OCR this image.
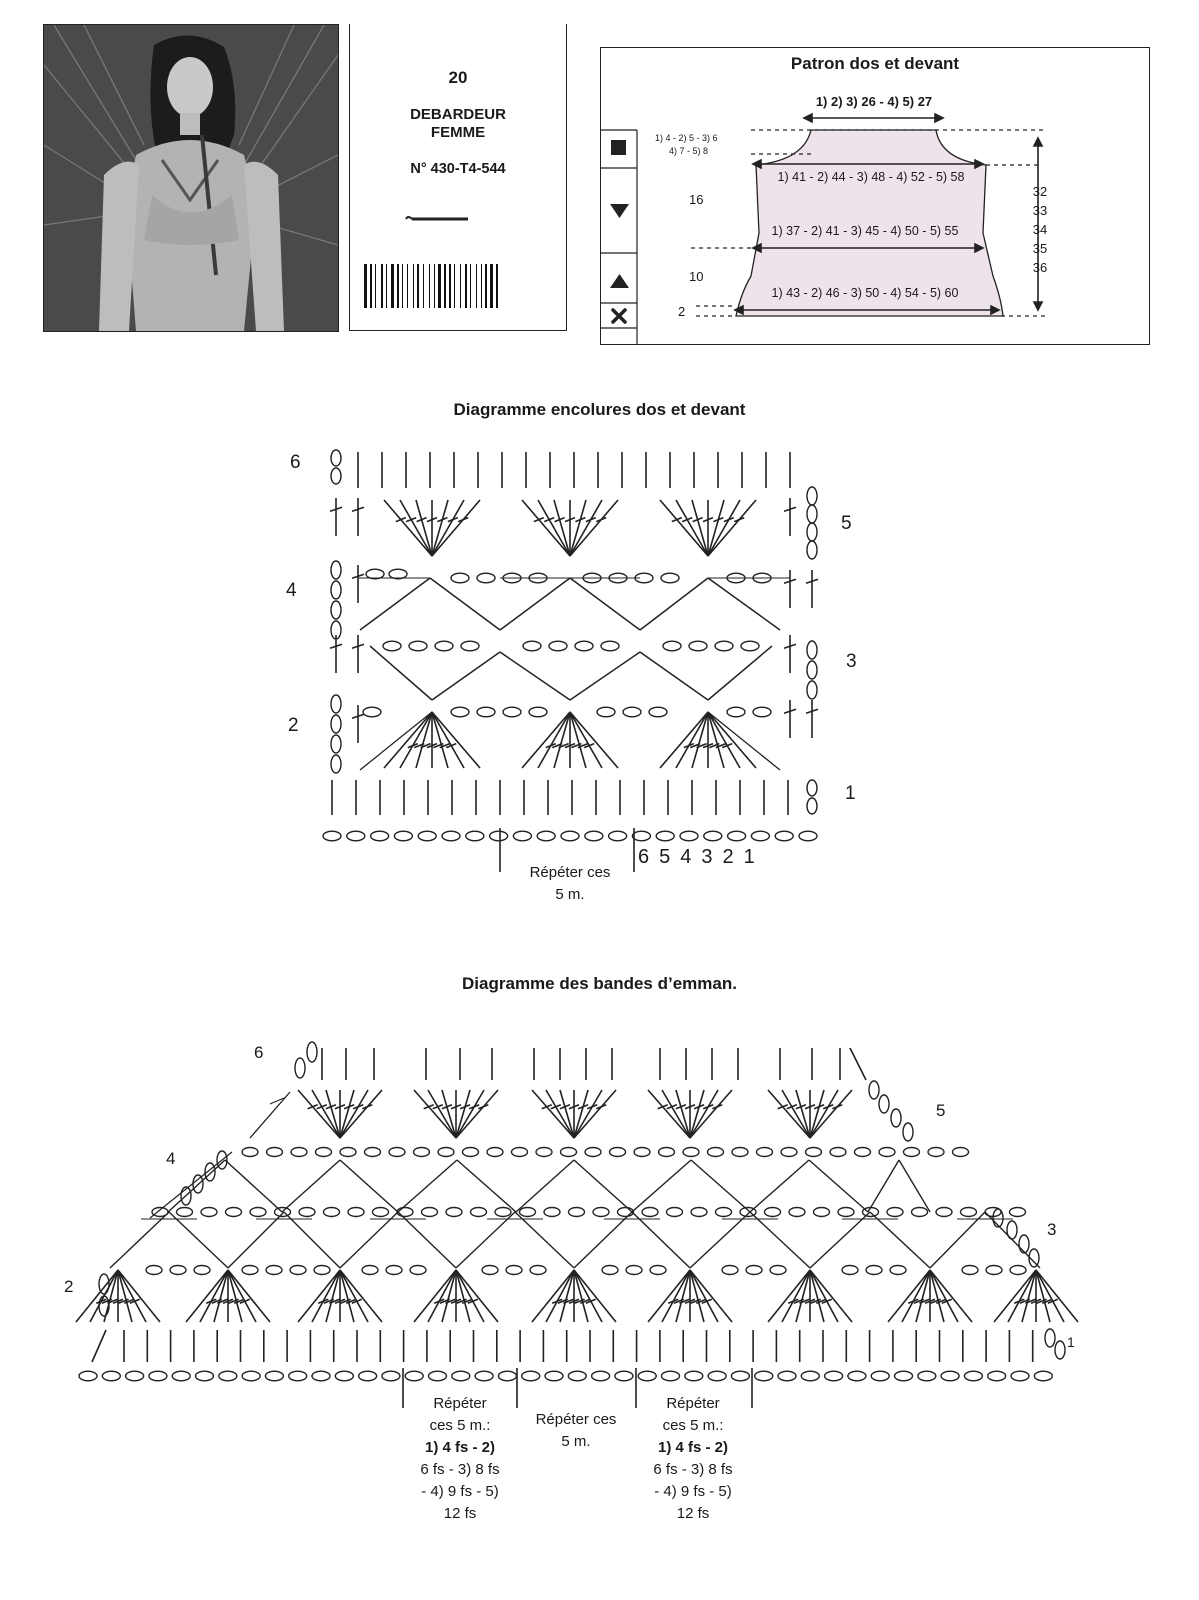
20
DEBARDEUR
FEMME
N° 430-T4-544
Patron dos et devant
1) 2) 3) 26 - 4) 5) 27
1) 4 - 2) 5 - 3) 6
4) 7 - 5) 8
1) 41 - 2) 44 - 3) 48 - 4) 52 - 5) 58
1) 37 - 2) 41 - 3) 45 - 4) 50 - 5) 55
1) 43 - 2) 46 - 3) 50 - 4) 54 - 5) 60
16
10
2
32
33
34
35
36
Diagramme encolures dos et devant
6
4
2
5
3
1
Répéter ces
5 m.
654321
Diagramme des bandes d’emman.
6
5
4
3
2
1
Répéter
ces 5 m.:
1) 4 fs - 2)
6 fs - 3) 8 fs
- 4) 9 fs - 5)
12 fs
Répéter ces
5 m.
Répéter
ces 5 m.:
1) 4 fs - 2)
6 fs - 3) 8 fs
- 4) 9 fs - 5)
12 fs
